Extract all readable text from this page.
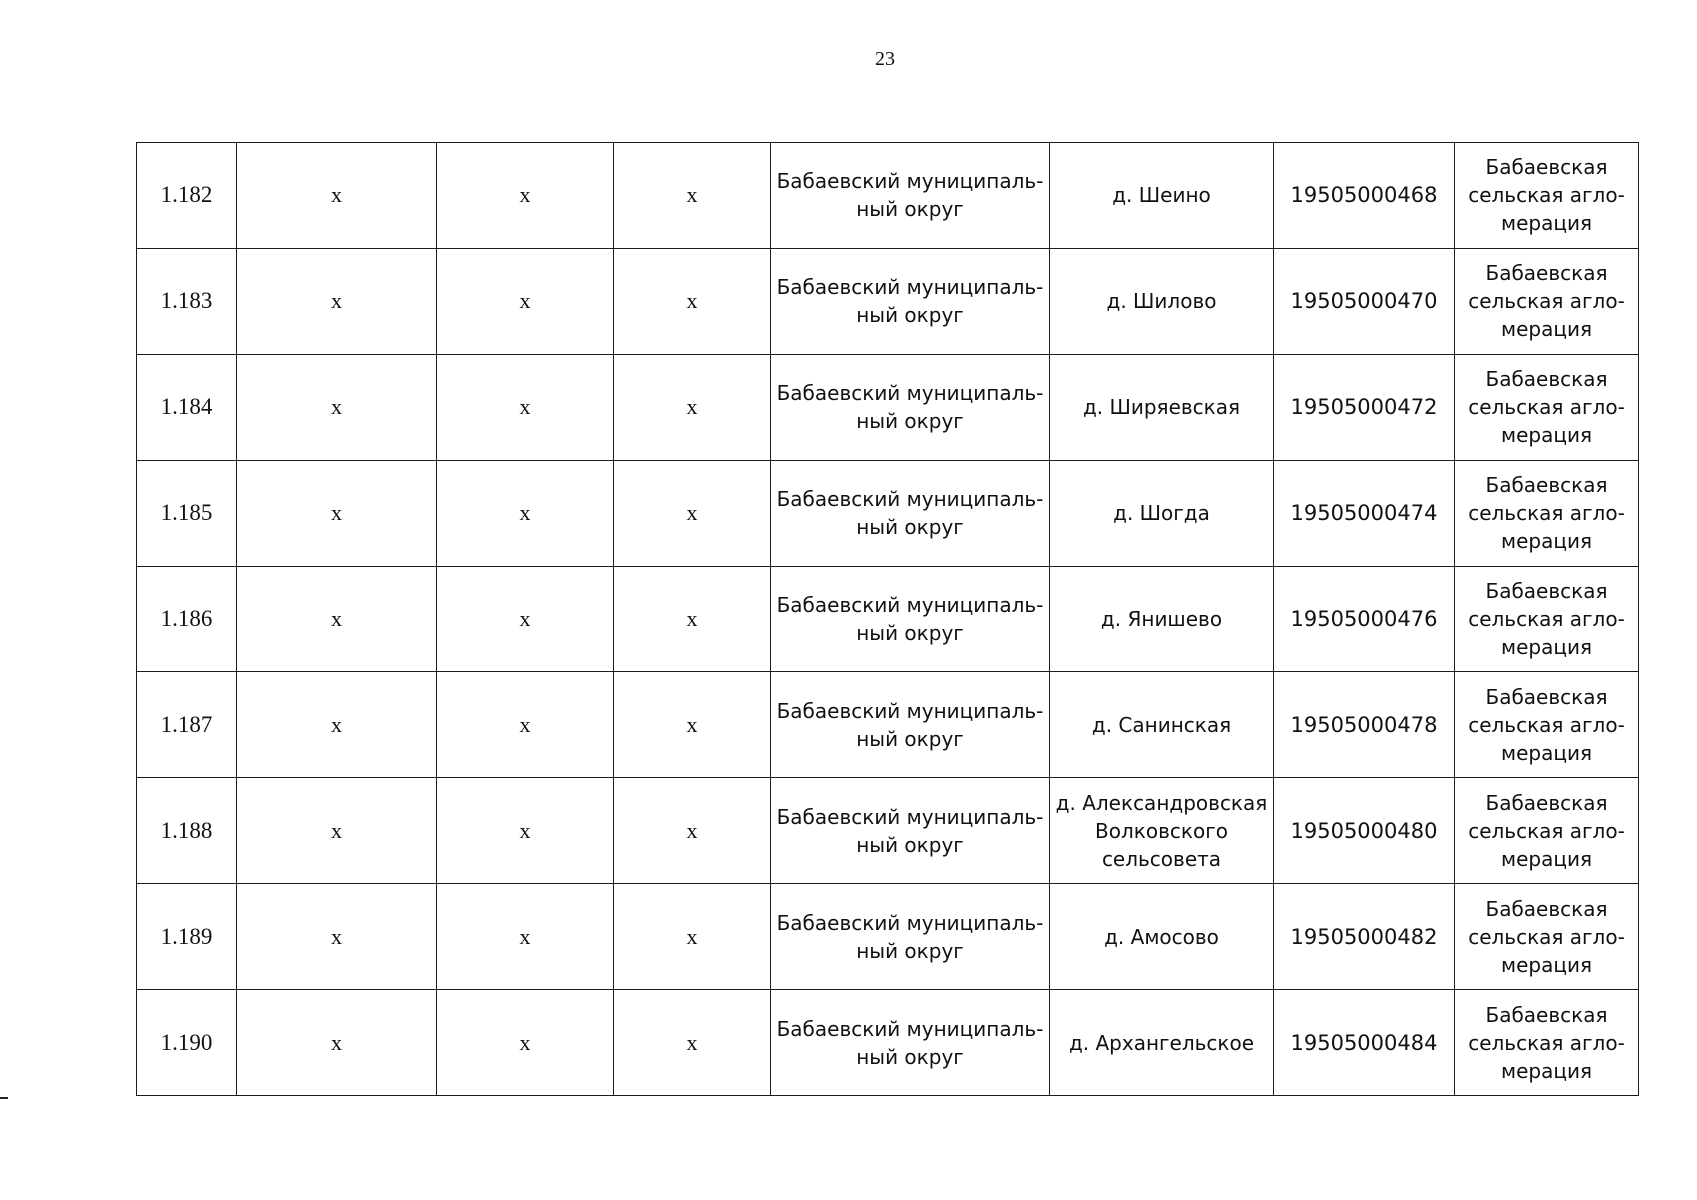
23
1.182	x	x	x	Бабаевский муниципаль-
ный округ	д. Шеино	19505000468	Бабаевская
сельская агло-
мерация

1.183	x	x	x	Бабаевский муниципаль-
ный округ	д. Шилово	19505000470	Бабаевская
сельская агло-
мерация

1.184	x	x	x	Бабаевский муниципаль-
ный округ	д. Ширяевская	19505000472	Бабаевская
сельская агло-
мерация

1.185	x	x	x	Бабаевский муниципаль-
ный округ	д. Шогда	19505000474	Бабаевская
сельская агло-
мерация

1.186	x	x	x	Бабаевский муниципаль-
ный округ	д. Янишево	19505000476	Бабаевская
сельская агло-
мерация

1.187	x	x	x	Бабаевский муниципаль-
ный округ	д. Санинская	19505000478	Бабаевская
сельская агло-
мерация

1.188	x	x	x	Бабаевский муниципаль-
ный округ	д. Александровская
Волковского
сельсовета	19505000480	Бабаевская
сельская агло-
мерация

1.189	x	x	x	Бабаевский муниципаль-
ный округ	д. Амосово	19505000482	Бабаевская
сельская агло-
мерация

1.190	x	x	x	Бабаевский муниципаль-
ный округ	д. Архангельское	19505000484	Бабаевская
сельская агло-
мерация
